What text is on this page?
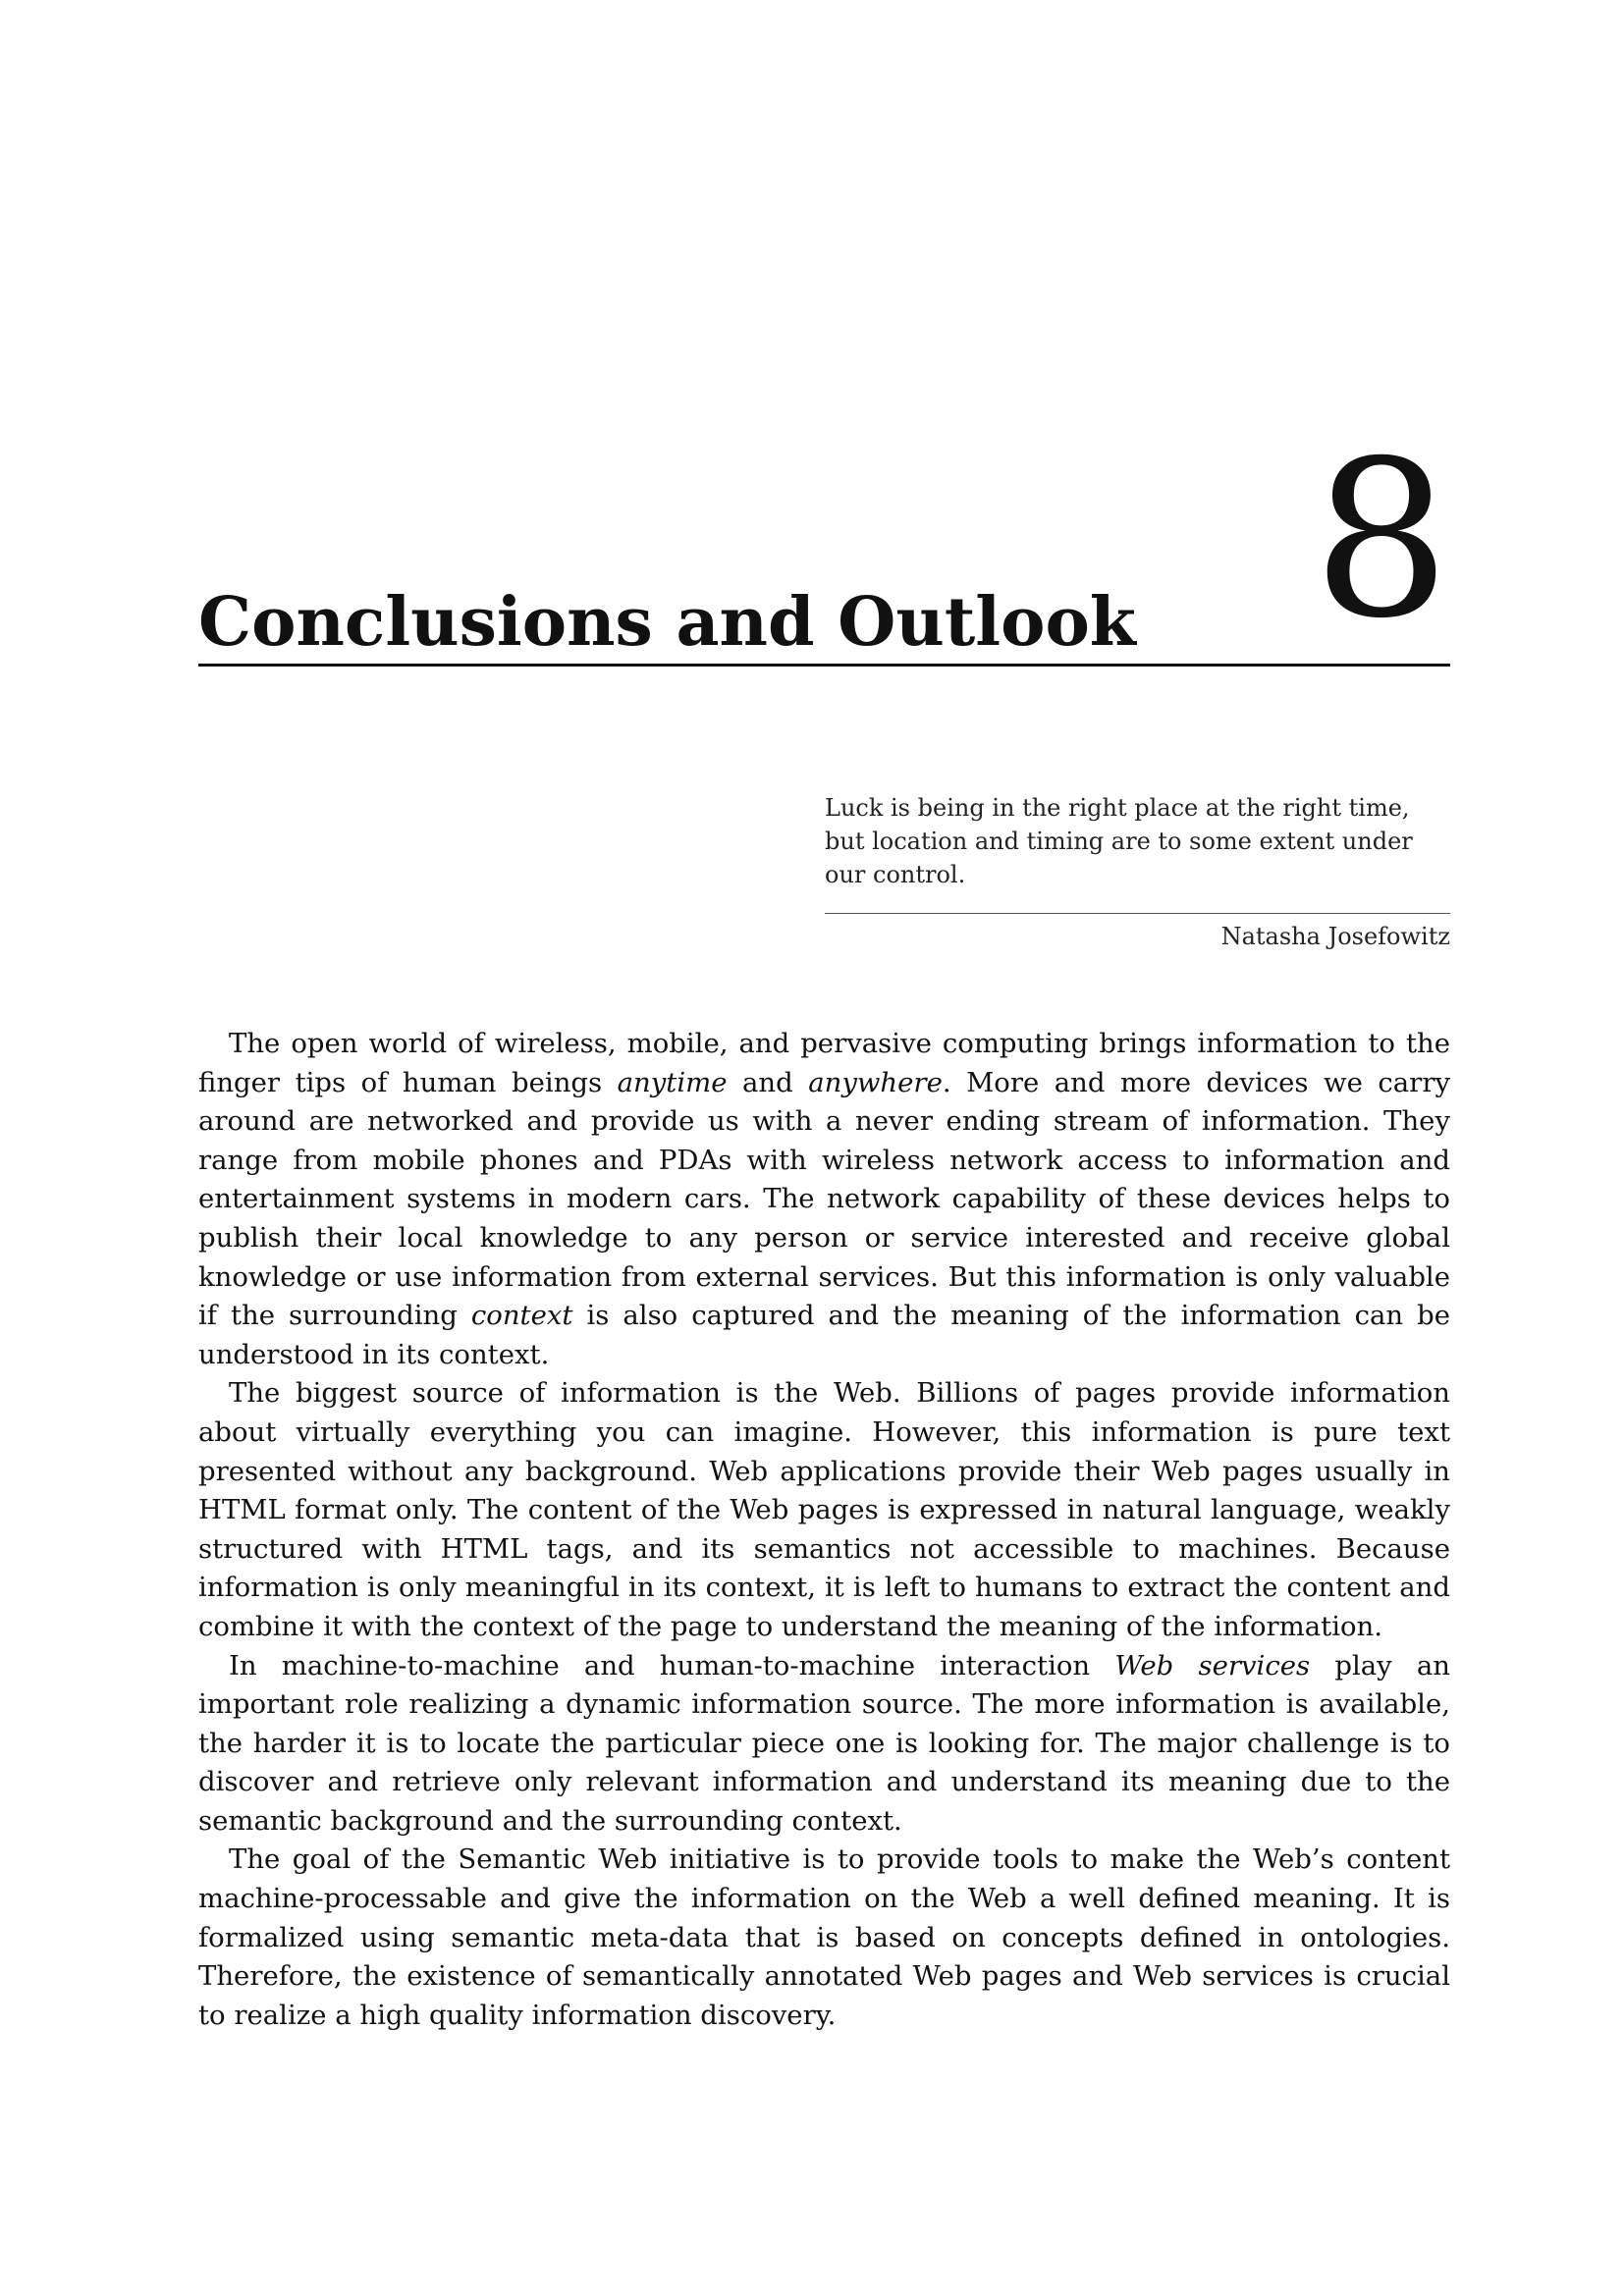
8
Conclusions and Outlook

Luck is being in the right place at the right time, but location and timing are to some extent under our control.

Natasha Josefowitz

The open world of wireless, mobile, and pervasive computing brings information to the finger tips of human beings anytime and anywhere. More and more devices we carry around are networked and provide us with a never ending stream of information. They range from mobile phones and PDAs with wireless network access to information and entertainment systems in modern cars. The network capability of these devices helps to publish their local knowledge to any person or service interested and receive global knowledge or use information from external services. But this information is only valuable if the surrounding context is also captured and the meaning of the information can be understood in its context.

The biggest source of information is the Web. Billions of pages provide information about virtually everything you can imagine. However, this information is pure text presented without any background. Web applications provide their Web pages usually in HTML format only. The content of the Web pages is expressed in natural language, weakly structured with HTML tags, and its semantics not accessible to machines. Because information is only meaningful in its context, it is left to humans to extract the content and combine it with the context of the page to understand the meaning of the information.

In machine-to-machine and human-to-machine interaction Web services play an important role realizing a dynamic information source. The more information is available, the harder it is to locate the particular piece one is looking for. The major challenge is to discover and retrieve only relevant information and understand its meaning due to the semantic background and the surrounding context.

The goal of the Semantic Web initiative is to provide tools to make the Web’s content machine-processable and give the information on the Web a well defined meaning. It is formalized using semantic meta-data that is based on concepts defined in ontologies. Therefore, the existence of semantically annotated Web pages and Web services is crucial to realize a high quality information discovery.
